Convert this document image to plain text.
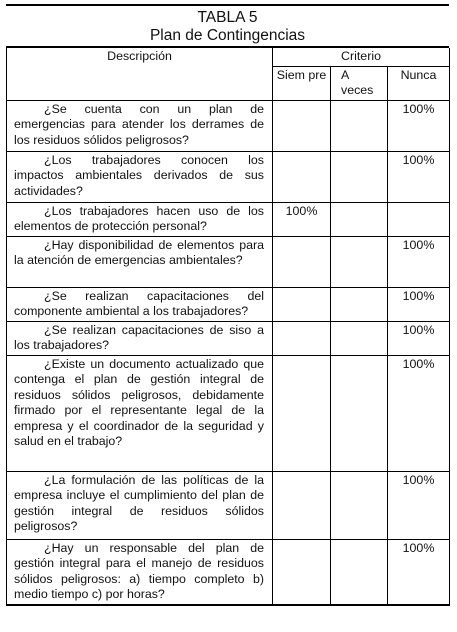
TABLA 5
Plan de Contingencias
Descripción	Criterio		
	Siem pre	A veces	Nunca
¿Se cuenta con un plan de emergencias para atender los derrames de los residuos sólidos peligrosos?			100%
¿Los trabajadores conocen los impactos ambientales derivados de sus actividades?			100%
¿Los trabajadores hacen uso de los elementos de protección personal?	100%		
¿Hay disponibilidad de elementos para la atención de emergencias ambientales?			100%
¿Se realizan capacitaciones del componente ambiental a los trabajadores?			100%
¿Se realizan capacitaciones de siso a los trabajadores?			100%
¿Existe un documento actualizado que contenga el plan de gestión integral de residuos sólidos peligrosos, debidamente firmado por el representante legal de la empresa y el coordinador de la seguridad y salud en el trabajo?			100%
¿La formulación de las políticas de la empresa incluye el cumplimiento del plan de gestión integral de residuos sólidos peligrosos?			100%
¿Hay un responsable del plan de gestión integral para el manejo de residuos sólidos peligrosos: a) tiempo completo b) medio tiempo c) por horas?			100%
